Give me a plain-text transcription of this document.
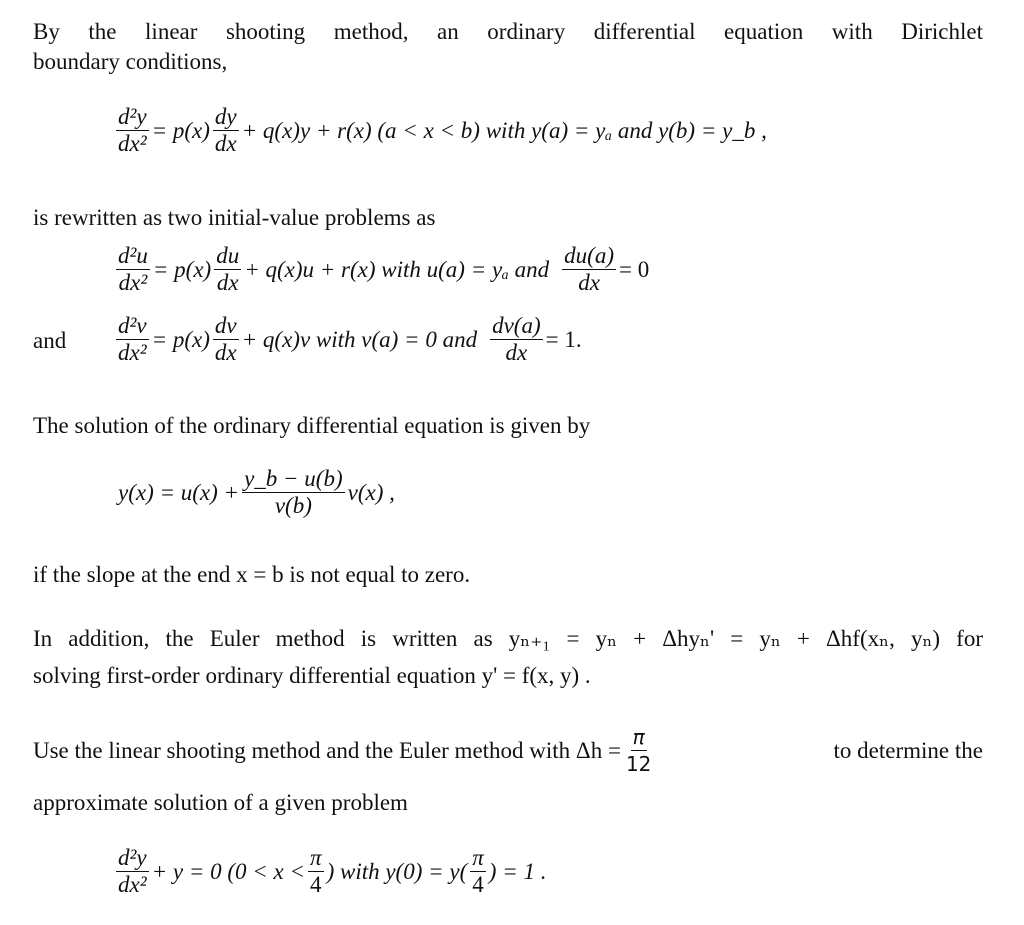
By the linear shooting method, an ordinary differential equation with Dirichlet
boundary conditions,
$\frac{\text{d²y}}{\text{dx²}} = p(x) \frac{dy}{dx} + q(x)y + r(x) (a < x < b)$ with y(a) = yₐ and y(b) = y_b ,
is rewritten as two initial-value problems as
$\frac{\text{d²u}}{\text{dx²}} = p(x) \frac{du}{dx} + q(x)u + r(x)$ with u(a) = yₐ and $\frac{du(a)}{dx} = 0$
and $\frac{\text{d²v}}{\text{dx²}} = p(x) \frac{dv}{dx} + q(x)v$ with v(a) = 0 and $\frac{dv(a)}{dx} = 1$.
The solution of the ordinary differential equation is given by
$y(x) = u(x) + \frac{y\_b - u(b)}{v(b)} v(x)$ ,
if the slope at the end x = b is not equal to zero.
In addition, the Euler method is written as yₙ₊₁ = yₙ + Δhyₙ' = yₙ + Δhf(xₙ, yₙ) for
solving first-order ordinary differential equation y' = f(x, y) .
Use the linear shooting method and the Euler method with $\Delta h = \frac{\pi}{12}$	to determine the
approximate solution of a given problem
$\frac{\text{d²y}}{\text{dx²}} + y = 0$ ($0 < x < \frac{\pi}{4}$ ) with $y(0) = y( \frac{\pi}{4}$ ) = 1 .
